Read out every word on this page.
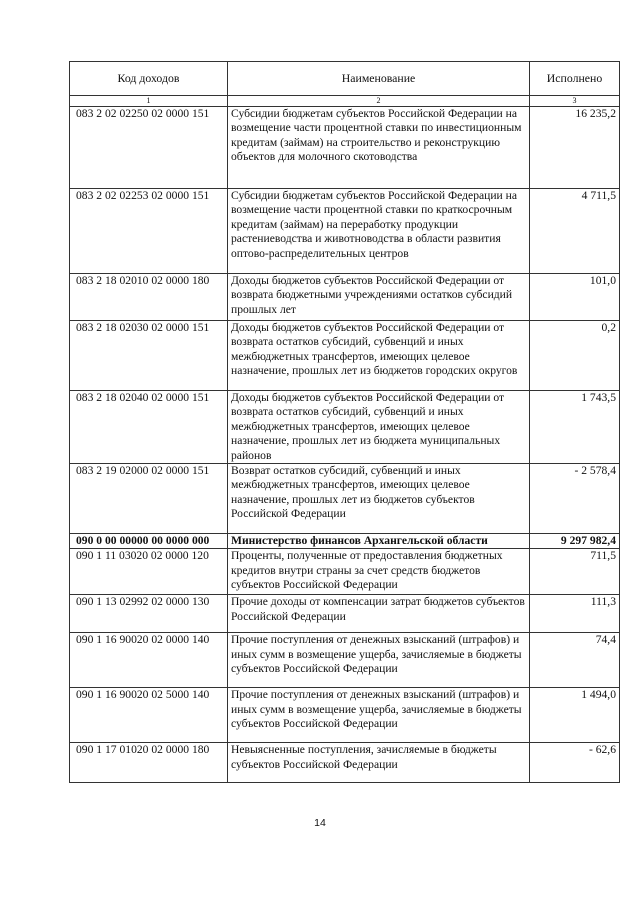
Код доходов	Наименование	Исполнено
1	2	3
083 2 02 02250 02 0000 151	Субсидии бюджетам субъектов Российской Федерации на возмещение части процентной ставки по инвестиционным кредитам (займам) на строительство и реконструкцию объектов для молочного скотоводства	16 235,2
083 2 02 02253 02 0000 151	Субсидии бюджетам субъектов Российской Федерации на возмещение части процентной ставки по краткосрочным кредитам (займам) на переработку продукции растениеводства и животноводства в области развития оптово-распределительных центров	4 711,5
083 2 18 02010 02 0000 180	Доходы бюджетов субъектов Российской Федерации от возврата бюджетными учреждениями остатков субсидий прошлых лет	101,0
083 2 18 02030 02 0000 151	Доходы бюджетов субъектов Российской Федерации от возврата остатков субсидий, субвенций и иных межбюджетных трансфертов, имеющих целевое назначение, прошлых лет из бюджетов городских округов	0,2
083 2 18 02040 02 0000 151	Доходы бюджетов субъектов Российской Федерации от возврата остатков субсидий, субвенций и иных межбюджетных трансфертов, имеющих целевое назначение, прошлых лет из бюджета муниципальных районов	1 743,5
083 2 19 02000 02 0000 151	Возврат остатков субсидий, субвенций и иных межбюджетных трансфертов, имеющих целевое назначение, прошлых лет из бюджетов субъектов Российской Федерации	- 2 578,4
090 0 00 00000 00 0000 000	Министерство финансов Архангельской области	9 297 982,4
090 1 11 03020 02 0000 120	Проценты, полученные от предоставления бюджетных кредитов внутри страны за счет средств бюджетов субъектов Российской Федерации	711,5
090 1 13 02992 02 0000 130	Прочие доходы от компенсации затрат бюджетов субъектов Российской Федерации	111,3
090 1 16 90020 02 0000 140	Прочие поступления от денежных взысканий (штрафов) и иных сумм в возмещение ущерба, зачисляемые в бюджеты субъектов Российской Федерации	74,4
090 1 16 90020 02 5000 140	Прочие поступления от денежных взысканий (штрафов) и иных сумм в возмещение ущерба, зачисляемые в бюджеты субъектов Российской Федерации	1 494,0
090 1 17 01020 02 0000 180	Невыясненные поступления, зачисляемые в бюджеты субъектов Российской Федерации	- 62,6
14
